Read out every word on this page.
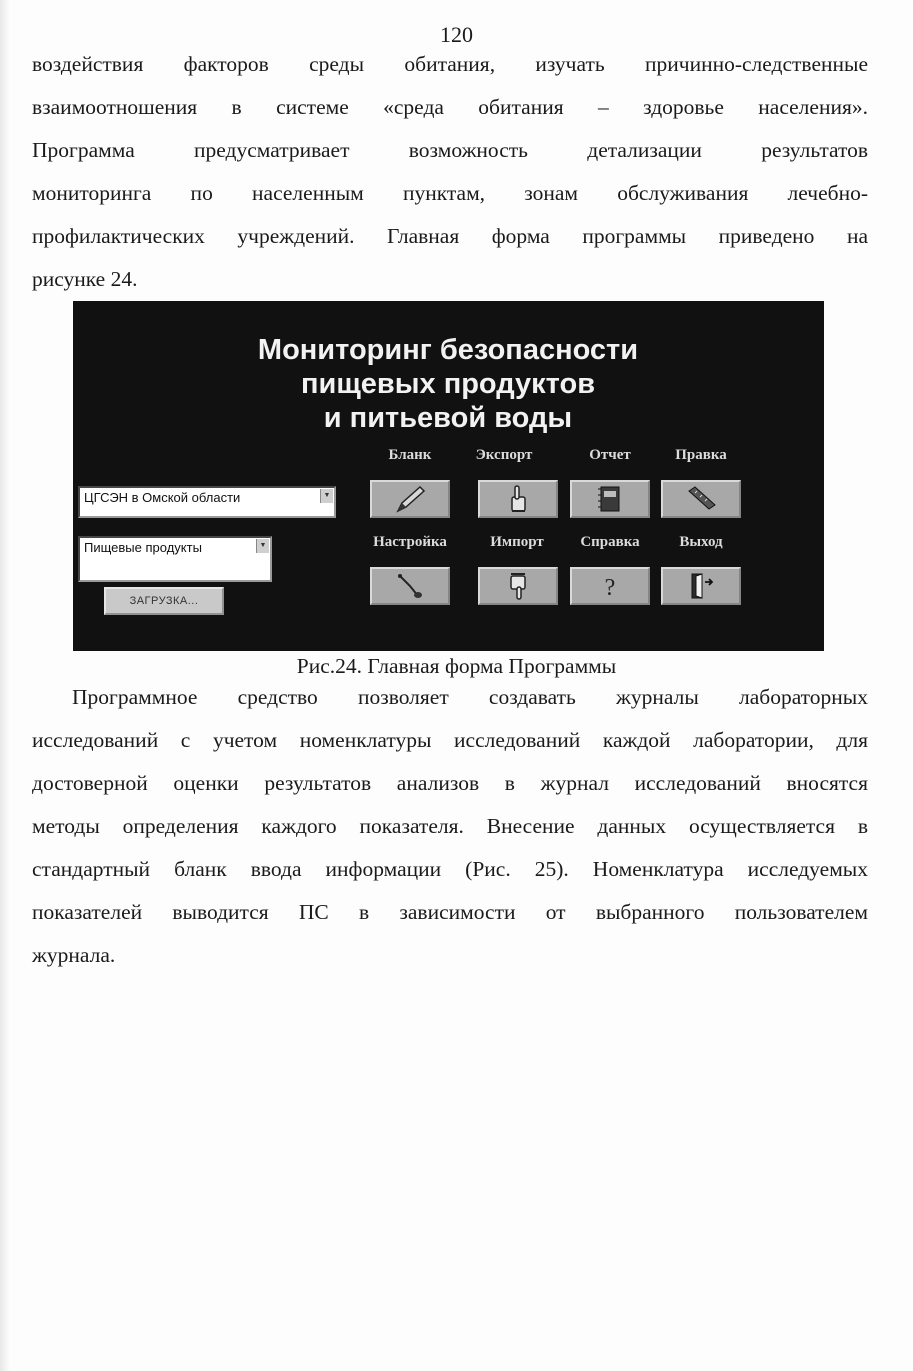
120

воздействия факторов среды обитания, изучать причинно-следственные
взаимоотношения в системе «среда обитания – здоровье населения».
Программа предусматривает возможность детализации результатов
мониторинга по населенным пунктам, зонам обслуживания лечебно-
профилактических учреждений. Главная форма программы приведено на
рисунке 24.

Мониторинг безопасности
пищевых продуктов
и питьевой воды
ЦГСЭН в Омской области	▼
Пищевые продукты	▼
ЗАГРУЗКА...
Бланк	Экспорт	Отчет	Правка
Настройка	Импорт	Справка	Выход
?
Рис.24. Главная форма Программы

Программное средство позволяет создавать журналы лабораторных
исследований с учетом номенклатуры исследований каждой лаборатории, для
достоверной оценки результатов анализов в журнал исследований вносятся
методы определения каждого показателя. Внесение данных осуществляется в
стандартный бланк ввода информации (Рис. 25). Номенклатура исследуемых
показателей выводится ПС в зависимости от выбранного пользователем
журнала.
